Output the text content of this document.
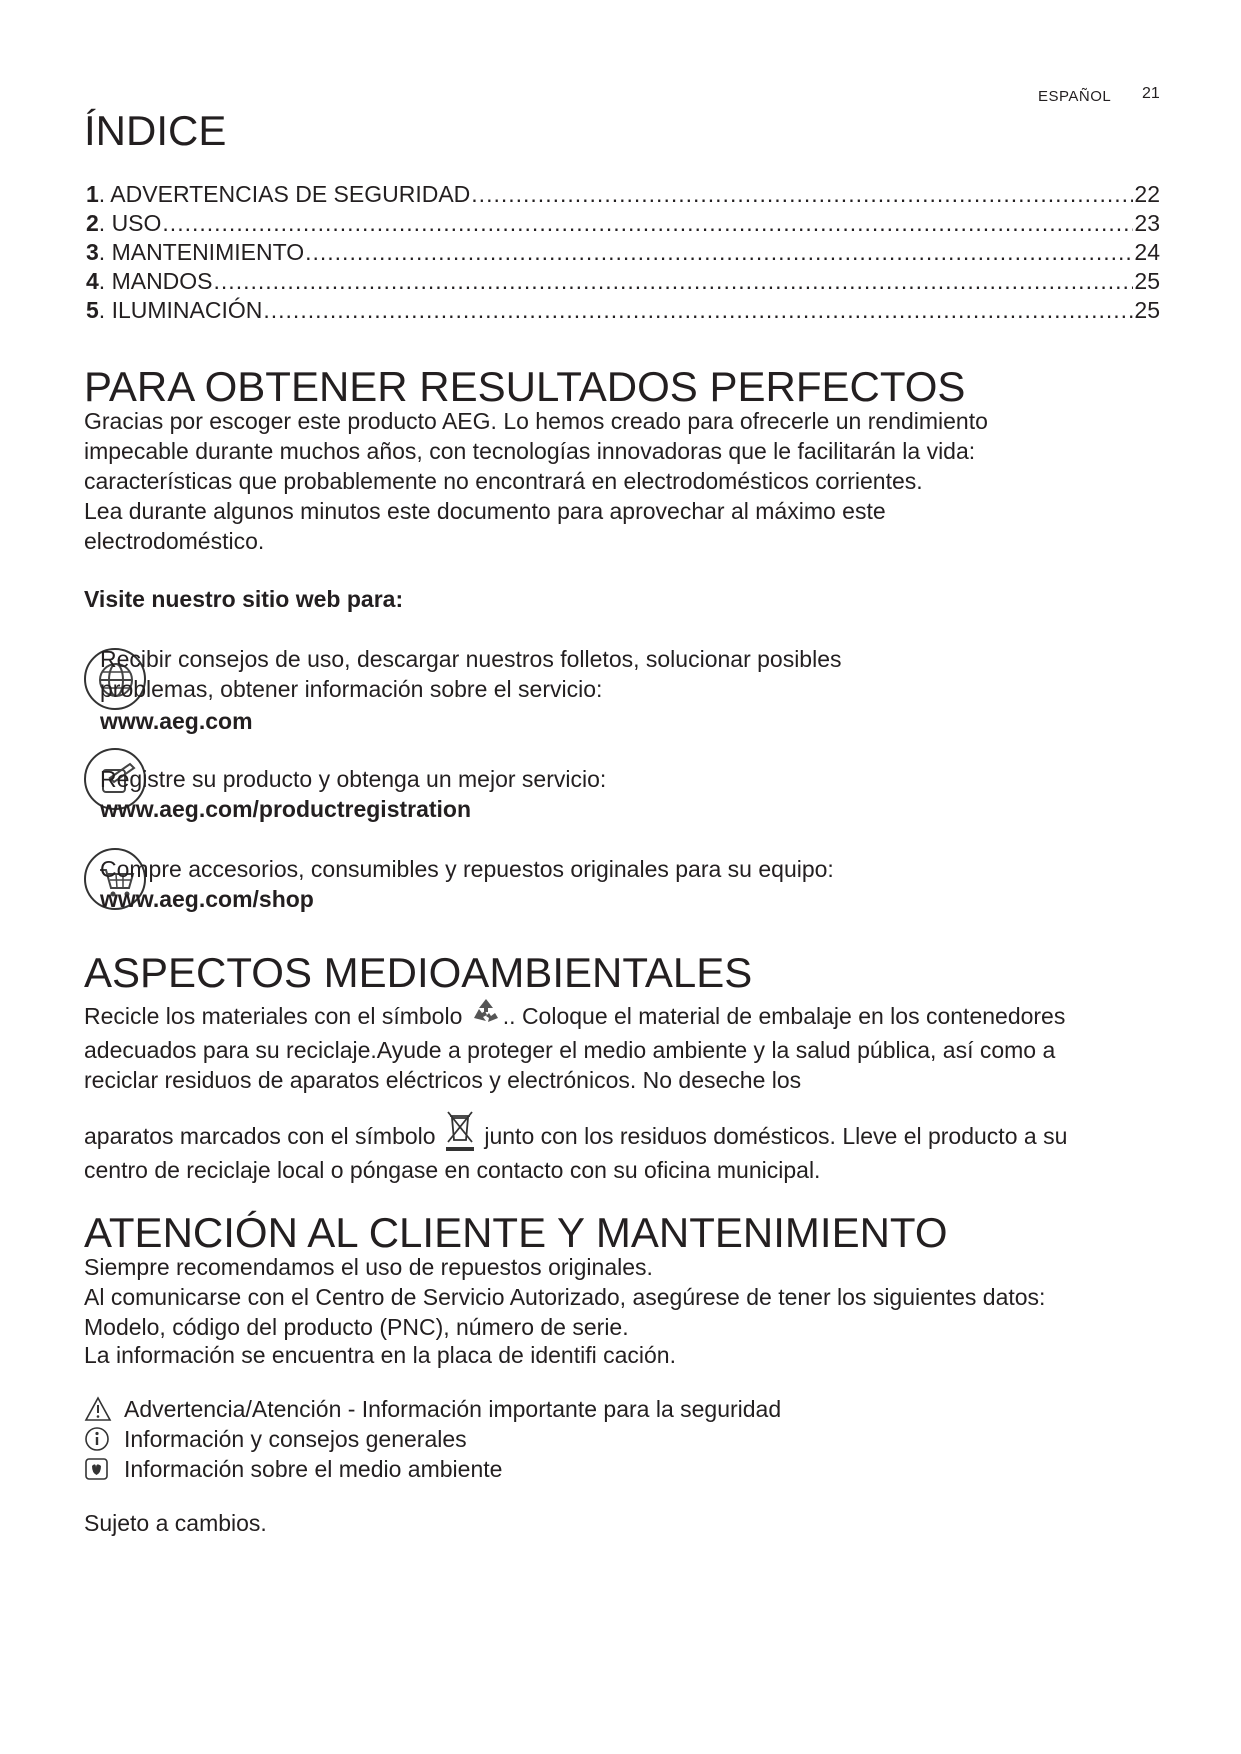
ESPAÑOL 21
ÍNDICE
1 . ADVERTENCIAS DE SEGURIDAD .....	22
2 . USO .....	23
3 . MANTENIMIENTO .....	24
4 . MANDOS .....	25
5 . ILUMINACIÓN .....	25
PARA OBTENER RESULTADOS PERFECTOS
Gracias por escoger este producto AEG. Lo hemos creado para ofrecerle un rendimiento impecable durante muchos años, con tecnologías innovadoras que le facilitarán la vida: características que probablemente no encontrará en electrodomésticos corrientes.
Lea durante algunos minutos este documento para aprovechar al máximo este electrodoméstico.
Visite nuestro sitio web para:
Recibir consejos de uso, descargar nuestros folletos, solucionar posibles problemas, obtener información sobre el servicio:
www.aeg.com
Registre su producto y obtenga un mejor servicio:
www.aeg.com/productregistration
Compre accesorios, consumibles y repuestos originales para su equipo:
www.aeg.com/shop
ASPECTOS MEDIOAMBIENTALES
Recicle los materiales con el símbolo .. Coloque el material de embalaje en los contenedores adecuados para su reciclaje.Ayude a proteger el medio ambiente y la salud pública, así como a reciclar residuos de aparatos eléctricos y electrónicos. No deseche los
aparatos marcados con el símbolo junto con los residuos domésticos. Lleve el producto a su centro de reciclaje local o póngase en contacto con su oficina municipal.
ATENCIÓN AL CLIENTE Y MANTENIMIENTO
Siempre recomendamos el uso de repuestos originales.
Al comunicarse con el Centro de Servicio Autorizado, asegúrese de tener los siguientes datos: Modelo, código del producto (PNC), número de serie.
La información se encuentra en la placa de identifi cación.
Advertencia/Atención - Información importante para la seguridad
Información y consejos generales
Información sobre el medio ambiente
Sujeto a cambios.
